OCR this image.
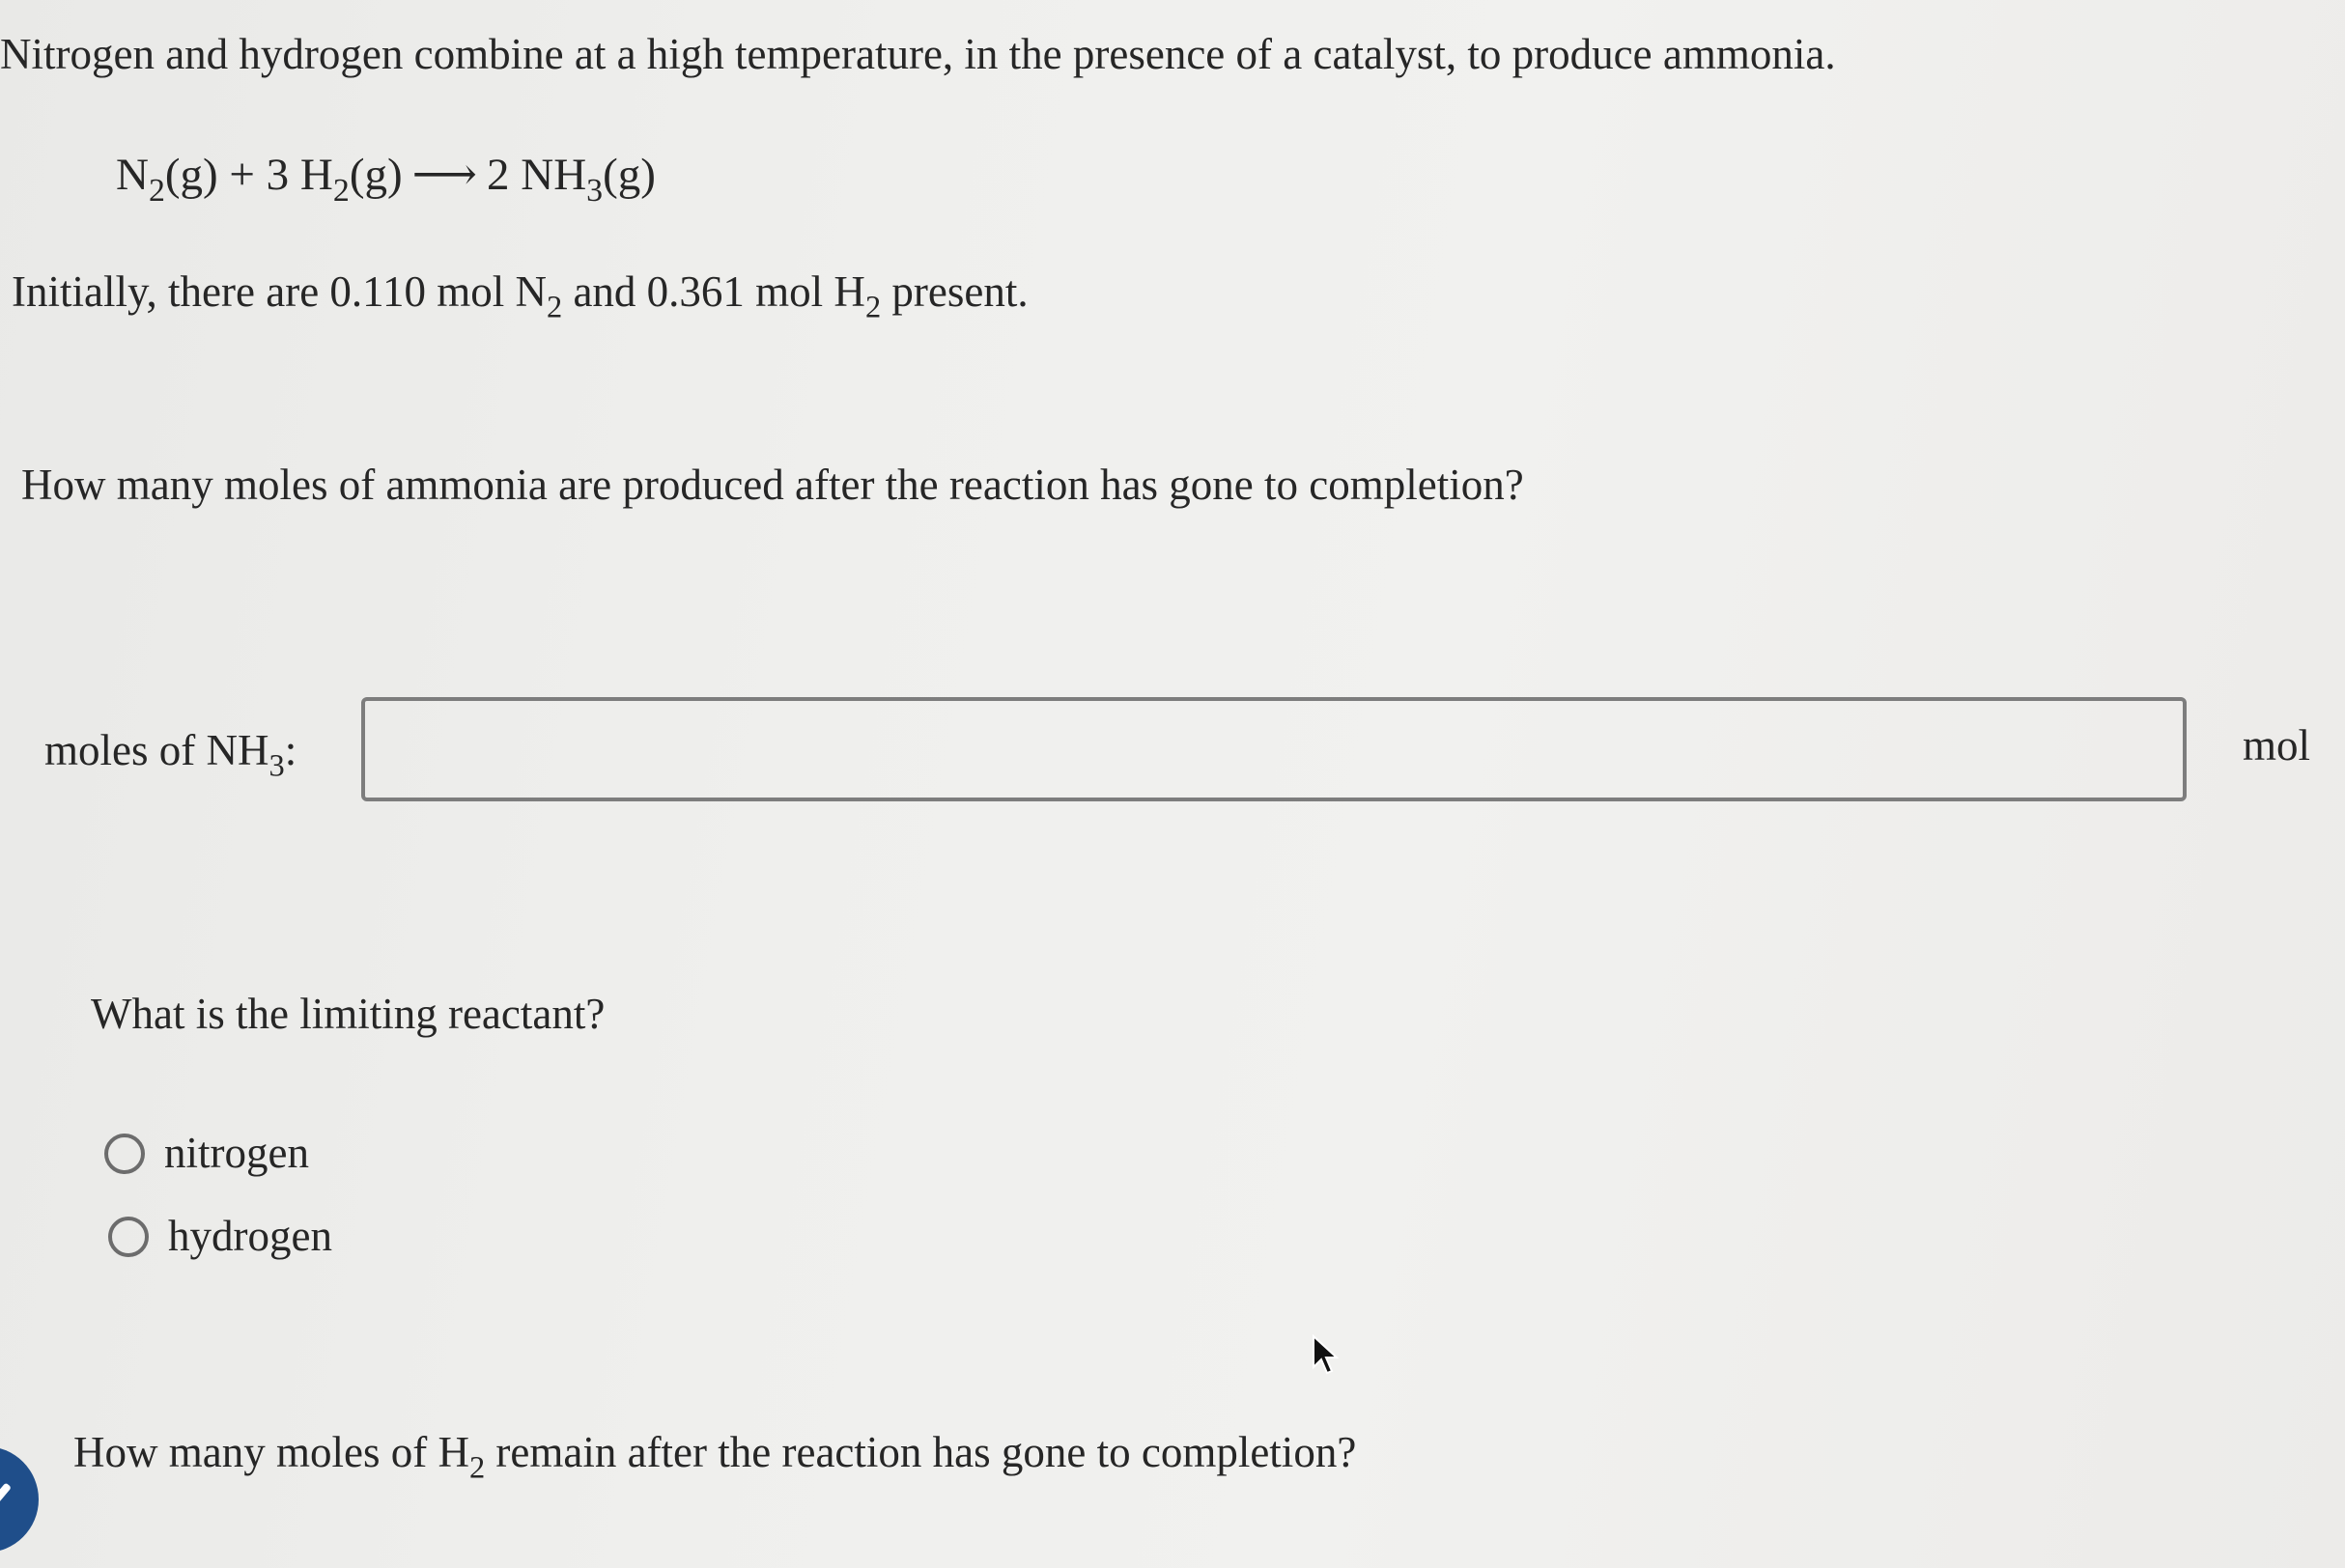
Nitrogen and hydrogen combine at a high temperature, in the presence of a catalyst, to produce ammonia.
$N_2(g) + 3$ $H_2(g)$ ⟶ 2 $NH_3(g)$
Initially, there are 0.110 mol $N_2$ and 0.361 mol $H_2$ present.
How many moles of ammonia are produced after the reaction has gone to completion?
moles of $NH_3$:	mol
What is the limiting reactant?
nitrogen
hydrogen
How many moles of $H_2$ remain after the reaction has gone to completion?
